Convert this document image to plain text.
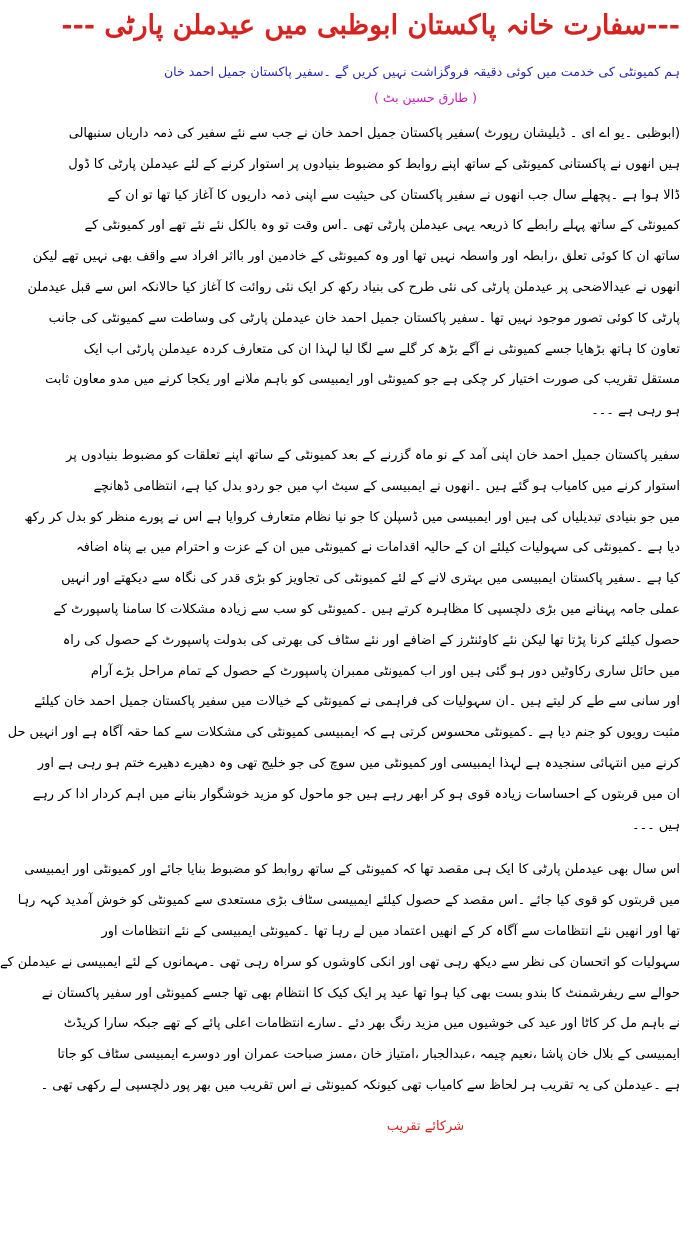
---سفارت خانہ پاکستان ابوظبی میں عیدملن پارٹی ---
ہم کمیونٹی کی خدمت میں کوئی دقیقہ فروگزاشت نہیں کریں گے ۔سفیر پاکستان جمیل احمد خان
( طارق حسین بٹ )
(ابوظبی ۔یو اے ای ۔ ڈیلیشان رپورٹ )سفیر پاکستان جمیل احمد خان نے جب سے نئے سفیر کی ذمہ داریاں سنبھالی
ہیں انھوں نے پاکستانی کمیونٹی کے ساتھ اپنے روابط کو مضبوط بنیادوں پر استوار کرنے کے لئے عیدملن پارٹی کا ڈول
ڈالا ہوا ہے ۔پچھلے سال جب انھوں نے سفیر پاکستان کی حیثیت سے اپنی ذمہ داریوں کا آغاز کیا تھا تو ان کے
کمیونٹی کے ساتھ پہلے رابطے کا ذریعہ یہی عیدملن پارٹی تھی ۔اس وقت تو وہ بالکل نئے نئے تھے اور کمیونٹی کے
ساتھ ان کا کوئی تعلق ،رابطہ اور واسطہ نہیں تھا اور وہ کمیونٹی کے خادمین اور بااثر افراد سے واقف بھی نہیں تھے لیکن
انھوں نے عیدالاضحی پر عیدملن پارٹی کی نئی طرح کی بنیاد رکھ کر ایک نئی روائت کا آغاز کیا حالانکہ اس سے قبل عیدملن
پارٹی کا کوئی تصور موجود نہیں تھا ۔سفیر پاکستان جمیل احمد خان عیدملن پارٹی کی وساطت سے کمیونٹی کی جانب
تعاون کا ہاتھ بڑھایا جسے کمیونٹی نے آگے بڑھ کر گلے سے لگا لیا لہذا ان کی متعارف کردہ عیدملن پارٹی اب ایک
مستقل تقریب کی صورت اختیار کر چکی ہے جو کمیونٹی اور ایمبیسی کو باہم ملانے اور یکجا کرنے میں مدو معاون ثابت
ہو رہی ہے ۔۔۔
سفیر پاکستان جمیل احمد خان اپنی آمد کے نو ماہ گزرنے کے بعد کمیونٹی کے ساتھ اپنے تعلقات کو مضبوط بنیادوں پر
استوار کرنے میں کامیاب ہو گئے ہیں ۔انھوں نے ایمبیسی کے سیٹ اپ میں جو ردو بدل کیا ہے، انتظامی ڈھانچے
میں جو بنیادی تبدیلیاں کی ہیں اور ایمبیسی میں ڈسپلن کا جو نیا نظام متعارف کروایا ہے اس نے پورے منظر کو بدل کر رکھ
دیا ہے ۔کمیونٹی کی سہولیات کیلئے ان کے حالیہ اقدامات نے کمیونٹی میں ان کے عزت و احترام میں بے پناہ اضافہ
کیا ہے ۔سفیر پاکستان ایمبیسی میں بہتری لانے کے لئے کمیونٹی کی تجاویز کو بڑی قدر کی نگاہ سے دیکھتے اور انہیں
عملی جامہ پہنانے میں بڑی دلچسپی کا مظاہرہ کرتے ہیں ۔کمیونٹی کو سب سے زیادہ مشکلات کا سامنا پاسپورٹ کے
حصول کیلئے کرنا پڑتا تھا لیکن نئے کاوئنٹرز کے اضافے اور نئے سٹاف کی بھرتی کی بدولت پاسپورٹ کے حصول کی راہ
میں حائل ساری رکاوٹیں دور ہو گئی ہیں اور اب کمیونٹی ممبران پاسپورٹ کے حصول کے تمام مراحل بڑے آرام
اور سانی سے طے کر لیتے ہیں ۔ان سہولیات کی فراہمی نے کمیونٹی کے خیالات میں سفیر پاکستان جمیل احمد خان کیلئے
مثبت رویوں کو جنم دیا ہے ۔کمیونٹی محسوس کرتی ہے کہ ایمبیسی کمیونٹی کی مشکلات سے کما حقہ آگاہ ہے اور انہیں حل
کرنے میں انتہائی سنجیدہ ہے لہذا ایمبیسی اور کمیونٹی میں سوچ کی جو خلیج تھی وہ دھیرے دھیرے ختم ہو رہی ہے اور
ان میں قربتوں کے احساسات زیادہ قوی ہو کر ابھر رہے ہیں جو ماحول کو مزید خوشگوار بنانے میں اہم کردار ادا کر رہے
ہیں ۔۔۔
اس سال بھی عیدملن پارٹی کا ایک ہی مقصد تھا کہ کمیونٹی کے ساتھ روابط کو مضبوط بنایا جائے اور کمیونٹی اور ایمبیسی
میں قربتوں کو قوی کیا جائے ۔اس مقصد کے حصول کیلئے ایمبیسی سٹاف بڑی مستعدی سے کمیونٹی کو خوش آمدید کہہ رہا
تھا اور انھیں نئے انتظامات سے آگاہ کر کے انھیں اعتماد میں لے رہا تھا ۔کمیونٹی ایمبیسی کے نئے انتظامات اور
سہولیات کو اتحسان کی نظر سے دیکھ رہی تھی اور انکی کاوشوں کو سراہ رہی تھی ۔مہمانوں کے لئے ایمبیسی نے عیدملن کے
حوالے سے ریفرشمنٹ کا بندو بست بھی کیا ہوا تھا عید پر ایک کیک کا انتظام بھی تھا جسے کمیونٹی اور سفیر پاکستان نے
نے باہم مل کر کاٹا اور عید کی خوشیوں میں مزید رنگ بھر دئے ۔سارے انتظامات اعلی پائے کے تھے جبکہ سارا کریڈٹ
ایمبیسی کے بلال خان پاشا ،نعیم چیمہ ،عبدالجبار ،امتیاز خان ،مسز صباحت عمران اور دوسرے ایمبیسی سٹاف کو جاتا
ہے ۔عیدملن کی یہ تقریب ہر لحاظ سے کامیاب تھی کیونکہ کمیونٹی نے اس تقریب میں بھر پور دلچسپی لے رکھی تھی ۔
شرکائے تقریب
